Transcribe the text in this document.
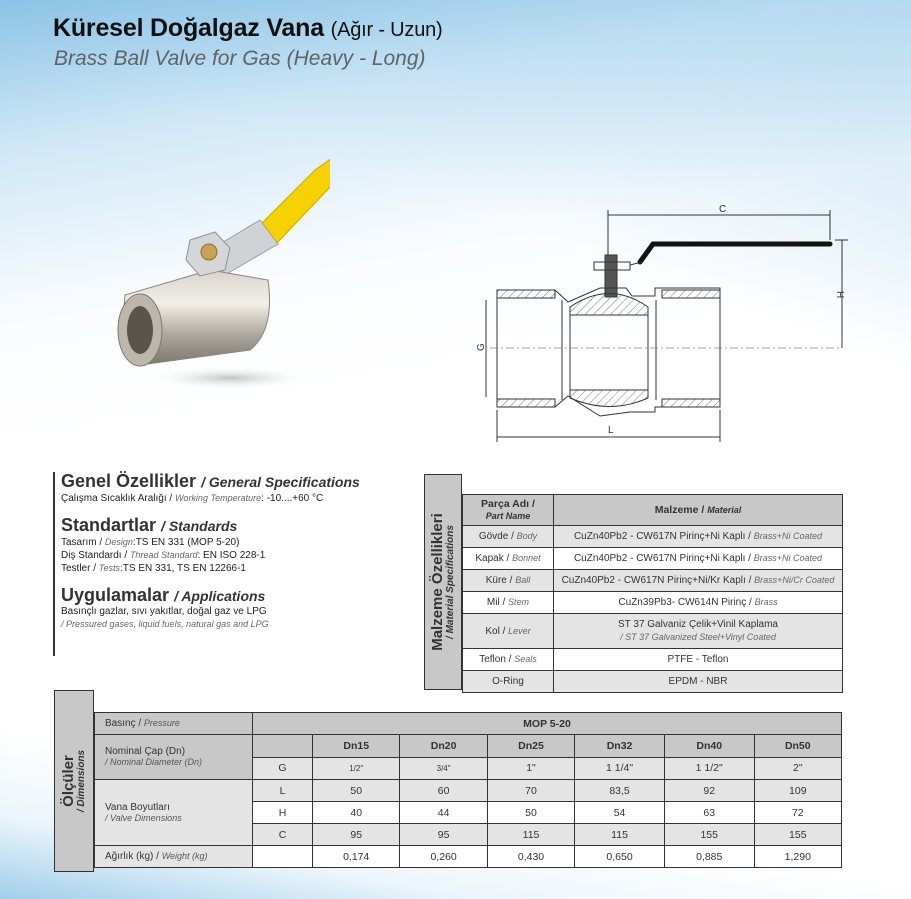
Küresel Doğalgaz Vana (Ağır - Uzun)
Brass Ball Valve for Gas (Heavy - Long)
C
H
G
L
Genel Özellikler / General Specifications
Çalışma Sıcaklık Aralığı / Working Temperature: -10....+60 °C
Standartlar / Standards
Tasarım / Design:TS EN 331 (MOP 5-20)
Diş Standardı / Thread Standard: EN ISO 228-1
Testler / Tests:TS EN 331, TS EN 12266-1
Uygulamalar / Applications
Basınçlı gazlar, sıvı yakıtlar, doğal gaz ve LPG
/ Pressured gases, liquid fuels, natural gas and LPG	Malzeme Özellikleri / Material Specifications
Parça Adı /
Part Name	Malzeme / Material
Gövde / Body	CuZn40Pb2 - CW617N Pirinç+Ni Kaplı / Brass+Ni Coated
Kapak / Bonnet	CuZn40Pb2 - CW617N Pirinç+Ni Kaplı / Brass+Ni Coated
Küre / Ball	CuZn40Pb2 - CW617N Pirinç+Ni/Kr Kaplı / Brass+Ni/Cr Coated
Mil / Stem	CuZn39Pb3- CW614N Pirinç / Brass
Kol / Lever	ST 37 Galvaniz Çelik+Vinil Kaplama
/ ST 37 Galvanized Steel+Vinyl Coated
Teflon / Seals	PTFE - Teflon
O-Ring	EPDM - NBR
Ölçüler / Dimensions
Basınç / Pressure	MOP 5-20						
Nominal Çap (Dn)
/ Nominal Diameter (Dn)		Dn15	Dn20	Dn25	Dn32	Dn40	Dn50
	G	1/2"	3/4"	1"	1 1/4"	1 1/2"	2"
Vana Boyutları
/ Valve Dimensions	L	50	60	70	83,5	92	109
	H	40	44	50	54	63	72
	C	95	95	115	115	155	155
Ağırlık (kg) / Weight (kg)		0,174	0,260	0,430	0,650	0,885	1,290
